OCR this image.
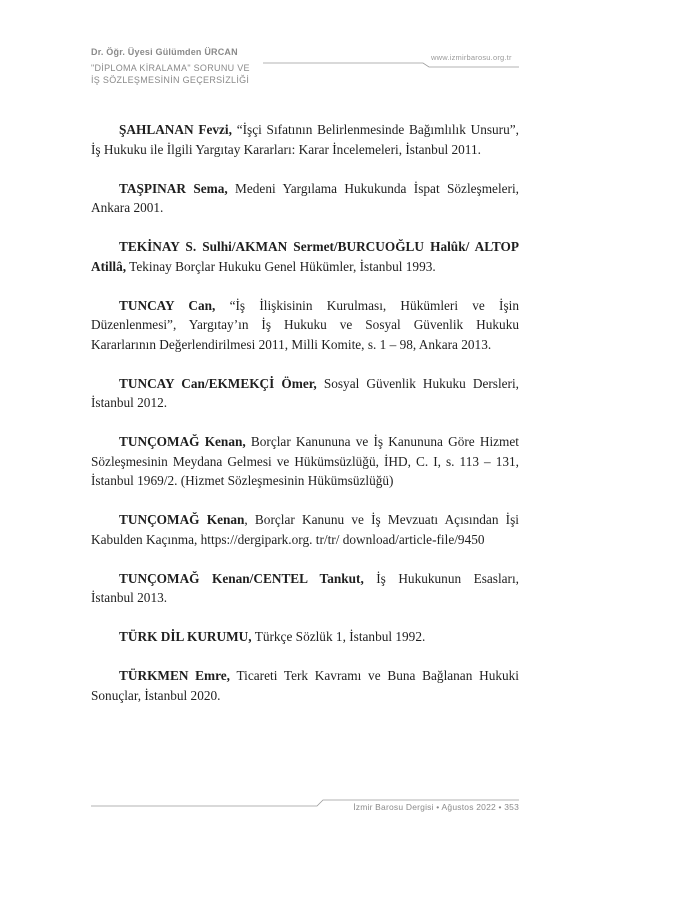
Dr. Öğr. Üyesi Gülümden ÜRCAN
"DİPLOMA KİRALAMA" SORUNU VE
İŞ SÖZLEŞMESİNİN GEÇERSİZLİĞİ
www.izmirbarosu.org.tr

ŞAHLANAN Fevzi, “İşçi Sıfatının Belirlenmesinde Bağımlılık Unsuru”, İş Hukuku ile İlgili Yargıtay Kararları: Karar İncelemeleri, İstanbul 2011.

TAŞPINAR Sema, Medeni Yargılama Hukukunda İspat Sözleşmeleri, Ankara 2001.

TEKİNAY S. Sulhi/AKMAN Sermet/BURCUOĞLU Halûk/ ALTOP Atillâ, Tekinay Borçlar Hukuku Genel Hükümler, İstanbul 1993.

TUNCAY Can, “İş İlişkisinin Kurulması, Hükümleri ve İşin Düzenlenmesi”, Yargıtay’ın İş Hukuku ve Sosyal Güvenlik Hukuku Kararlarının Değerlendirilmesi 2011, Milli Komite, s. 1 – 98, Ankara 2013.

TUNCAY Can/EKMEKÇİ Ömer, Sosyal Güvenlik Hukuku Dersleri, İstanbul 2012.

TUNÇOMAĞ Kenan, Borçlar Kanununa ve İş Kanununa Göre Hizmet Sözleşmesinin Meydana Gelmesi ve Hükümsüzlüğü, İHD, C. I, s. 113 – 131, İstanbul 1969/2. (Hizmet Sözleşmesinin Hükümsüzlüğü)

TUNÇOMAĞ Kenan, Borçlar Kanunu ve İş Mevzuatı Açısından İşi Kabulden Kaçınma, https://dergipark.org. tr/tr/ download/article-file/9450

TUNÇOMAĞ Kenan/CENTEL Tankut, İş Hukukunun Esasları, İstanbul 2013.

TÜRK DİL KURUMU, Türkçe Sözlük 1, İstanbul 1992.

TÜRKMEN Emre, Ticareti Terk Kavramı ve Buna Bağlanan Hukuki Sonuçlar, İstanbul 2020.

İzmir Barosu Dergisi • Ağustos 2022 • 353
